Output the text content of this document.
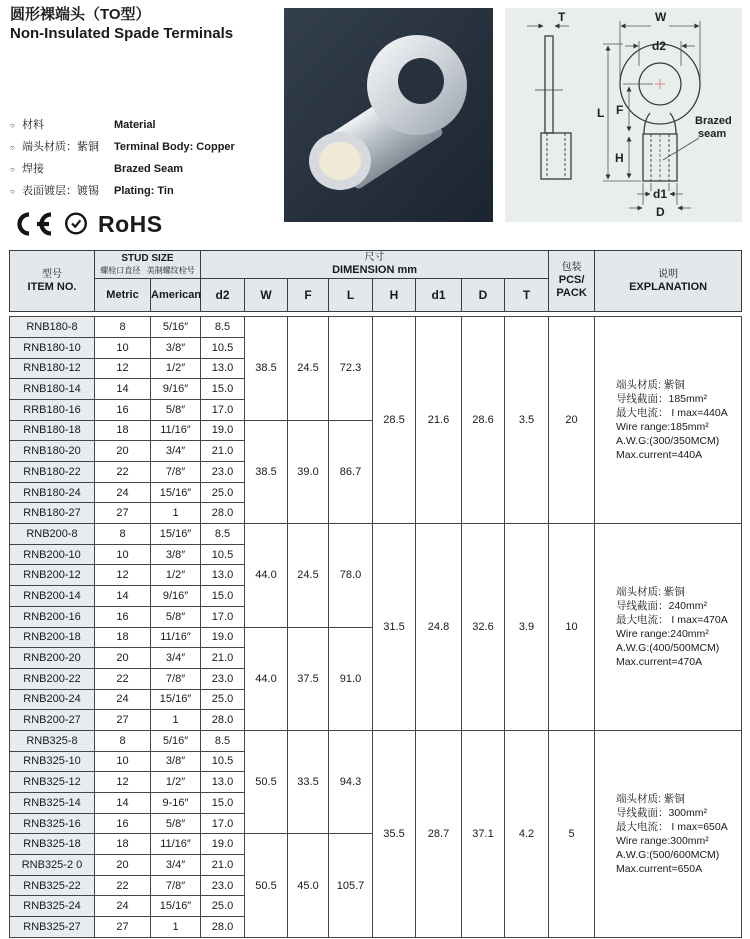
圆形裸端头（TO型）
Non-Insulated Spade Terminals
○ 材料	Material
○ 端头材质：紫铜	Terminal Body: Copper
○ 焊接	Brazed Seam
○ 表面镀层：镀锡	Plating: Tin
RoHS
T	W
d2
L F
H
d1
D
Brazed
seam
型号
ITEM NO.

STUD SIZE
螺栓口直径 美制螺纹栓号

尺寸
DIMENSION mm	包装
PCS/
PACK

说明
EXPLANATION

	Metric	American	d2	W	F	L	H	d1	D	T		
RNB180-8	8	5/16″	8.5	38.5	24.5	72.3	28.5	21.6	28.6	3.5	20	
端头材质: 紫铜
导线截面：185mm²
最大电流： I max=440A
Wire range:185mm²
A.W.G:(300/350MCM)
Max.current=440A

RNB180-10	10	3/8″	10.5									
RNB180-12	12	1/2″	13.0									
RNB180-14	14	9/16″	15.0									
RRB180-16	16	5/8″	17.0									
RNB180-18	18	11/16″	19.0	38.5	39.0	86.7						
RNB180-20	20	3/4″	21.0									
RNB180-22	22	7/8″	23.0									
RNB180-24	24	15/16″	25.0									
RNB180-27	27	1	28.0									
RNB200-8	8	15/16″	8.5	44.0	24.5	78.0	31.5	24.8	32.6	3.9	10	
端头材质: 紫铜
导线截面：240mm²
最大电流： I max=470A
Wire range:240mm²
A.W.G:(400/500MCM)
Max.current=470A

RNB200-10	10	3/8″	10.5									
RNB200-12	12	1/2″	13.0									
RNB200-14	14	9/16″	15.0									
RNB200-16	16	5/8″	17.0									
RNB200-18	18	11/16″	19.0	44.0	37.5	91.0						
RNB200-20	20	3/4″	21.0									
RNB200-22	22	7/8″	23.0									
RNB200-24	24	15/16″	25.0									
RNB200-27	27	1	28.0									
RNB325-8	8	5/16″	8.5	50.5	33.5	94.3	35.5	28.7	37.1	4.2	5	
端头材质: 紫铜
导线截面：300mm²
最大电流： I max=650A
Wire range:300mm²
A.W.G:(500/600MCM)
Max.current=650A

RNB325-10	10	3/8″	10.5									
RNB325-12	12	1/2″	13.0									
RNB325-14	14	9-16″	15.0									
RNB325-16	16	5/8″	17.0									
RNB325-18	18	11/16″	19.0	50.5	45.0	105.7						
RNB325-2 0	20	3/4″	21.0									
RNB325-22	22	7/8″	23.0									
RNB325-24	24	15/16″	25.0									
RNB325-27	27	1	28.0									
